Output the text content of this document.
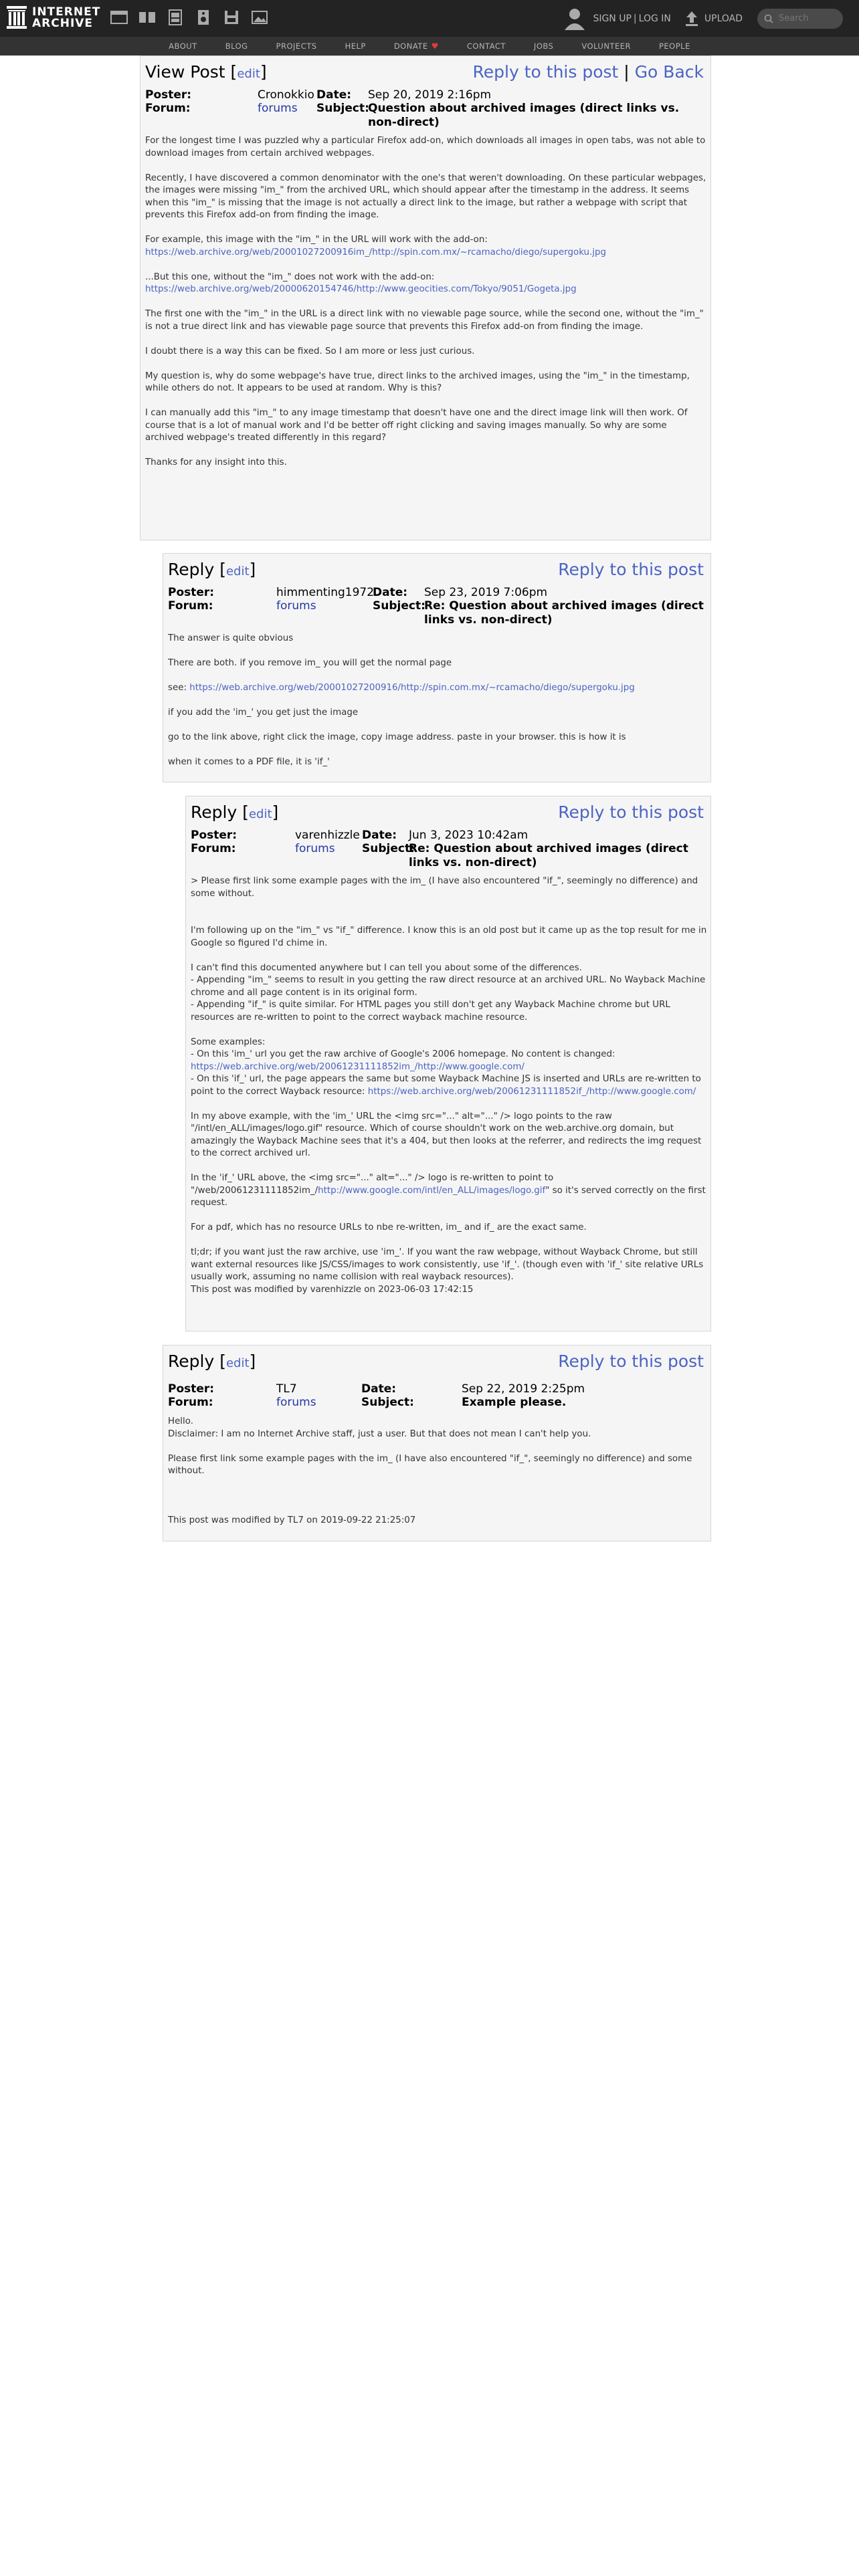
INTERNET
ARCHIVE	SIGN UP | LOG IN	UPLOAD
Search
ABOUT	BLOG	PROJECTS	HELP	DONATE ♥	CONTACT	JOBS	VOLUNTEER	PEOPLE
View Post [edit]	Reply to this post | Go Back
Poster:	Cronokkio Date: Sep 20, 2019 2:16pm
Forum:	forums Subject:
Question about archived images (direct links vs. non-direct)

For the longest time I was puzzled why a particular Firefox add-on, which downloads all images in open tabs, was not able to download images from certain archived webpages.

Recently, I have discovered a common denominator with the one's that weren't downloading. On these particular webpages, the images were missing "im_" from the archived URL, which should appear after the timestamp in the address. It seems when this "im_" is missing that the image is not actually a direct link to the image, but rather a webpage with script that prevents this Firefox add-on from finding the image.

For example, this image with the "im_" in the URL will work with the add-on:
https://web.archive.org/web/20001027200916im_/http://spin.com.mx/~rcamacho/diego/supergoku.jpg

...But this one, without the "im_" does not work with the add-on:
https://web.archive.org/web/20000620154746/http://www.geocities.com/Tokyo/9051/Gogeta.jpg

The first one with the "im_" in the URL is a direct link with no viewable page source, while the second one, without the "im_" is not a true direct link and has viewable page source that prevents this Firefox add-on from finding the image.

I doubt there is a way this can be fixed. So I am more or less just curious.

My question is, why do some webpage's have true, direct links to the archived images, using the "im_" in the timestamp, while others do not. It appears to be used at random. Why is this?

I can manually add this "im_" to any image timestamp that doesn't have one and the direct image link will then work. Of course that is a lot of manual work and I'd be better off right clicking and saving images manually. So why are some archived webpage's treated differently in this regard?

Thanks for any insight into this.

Reply [edit]	Reply to this post
Poster:	himmenting1972
Date: Sep 23, 2019 7:06pm
Forum:	forums	Subject:
Re: Question about archived images (direct links vs. non-direct)

The answer is quite obvious

There are both. if you remove im_ you will get the normal page

see: https://web.archive.org/web/20001027200916/http://spin.com.mx/~rcamacho/diego/supergoku.jpg

if you add the 'im_' you get just the image

go to the link above, right click the image, copy image address. paste in your browser. this is how it is

when it comes to a PDF file, it is 'if_'

Reply [edit]	Reply to this post
Poster:	varenhizzle Date: Jun 3, 2023 10:42am
Forum:	forums Subject:
Re: Question about archived images (direct links vs. non-direct)

> Please first link some example pages with the im_ (I have also encountered "if_", seemingly no difference) and some without.

I'm following up on the "im_" vs "if_" difference. I know this is an old post but it came up as the top result for me in Google so figured I'd chime in.

I can't find this documented anywhere but I can tell you about some of the differences.
- Appending "im_" seems to result in you getting the raw direct resource at an archived URL. No Wayback Machine chrome and all page content is in its original form.
- Appending "if_" is quite similar. For HTML pages you still don't get any Wayback Machine chrome but URL resources are re-written to point to the correct wayback machine resource.

Some examples:
- On this 'im_' url you get the raw archive of Google's 2006 homepage. No content is changed:
https://web.archive.org/web/20061231111852im_/http://www.google.com/
- On this 'if_' url, the page appears the same but some Wayback Machine JS is inserted and URLs are re-written to point to the correct Wayback resource: https://web.archive.org/web/20061231111852if_/http://www.google.com/

In my above example, with the 'im_' URL the <img src="..." alt="..." /> logo points to the raw "/intl/en_ALL/images/logo.gif" resource. Which of course shouldn't work on the web.archive.org domain, but amazingly the Wayback Machine sees that it's a 404, but then looks at the referrer, and redirects the img request to the correct archived url.

In the 'if_' URL above, the <img src="..." alt="..." /> logo is re-written to point to "/web/20061231111852im_/http://www.google.com/intl/en_ALL/images/logo.gif" so it's served correctly on the first request.

For a pdf, which has no resource URLs to nbe re-written, im_ and if_ are the exact same.

tl;dr; if you want just the raw archive, use 'im_'. If you want the raw webpage, without Wayback Chrome, but still want external resources like JS/CSS/images to work consistently, use 'if_'. (though even with 'if_' site relative URLs usually work, assuming no name collision with real wayback resources).
This post was modified by varenhizzle on 2023-06-03 17:42:15

Reply [edit]	Reply to this post
Poster:	TL7	Date:	Sep 22, 2019 2:25pm
Forum:	forums	Subject:	Example please.

Hello.
Disclaimer: I am no Internet Archive staff, just a user. But that does not mean I can't help you.

Please first link some example pages with the im_ (I have also encountered "if_", seemingly no difference) and some without.

This post was modified by TL7 on 2019-09-22 21:25:07
